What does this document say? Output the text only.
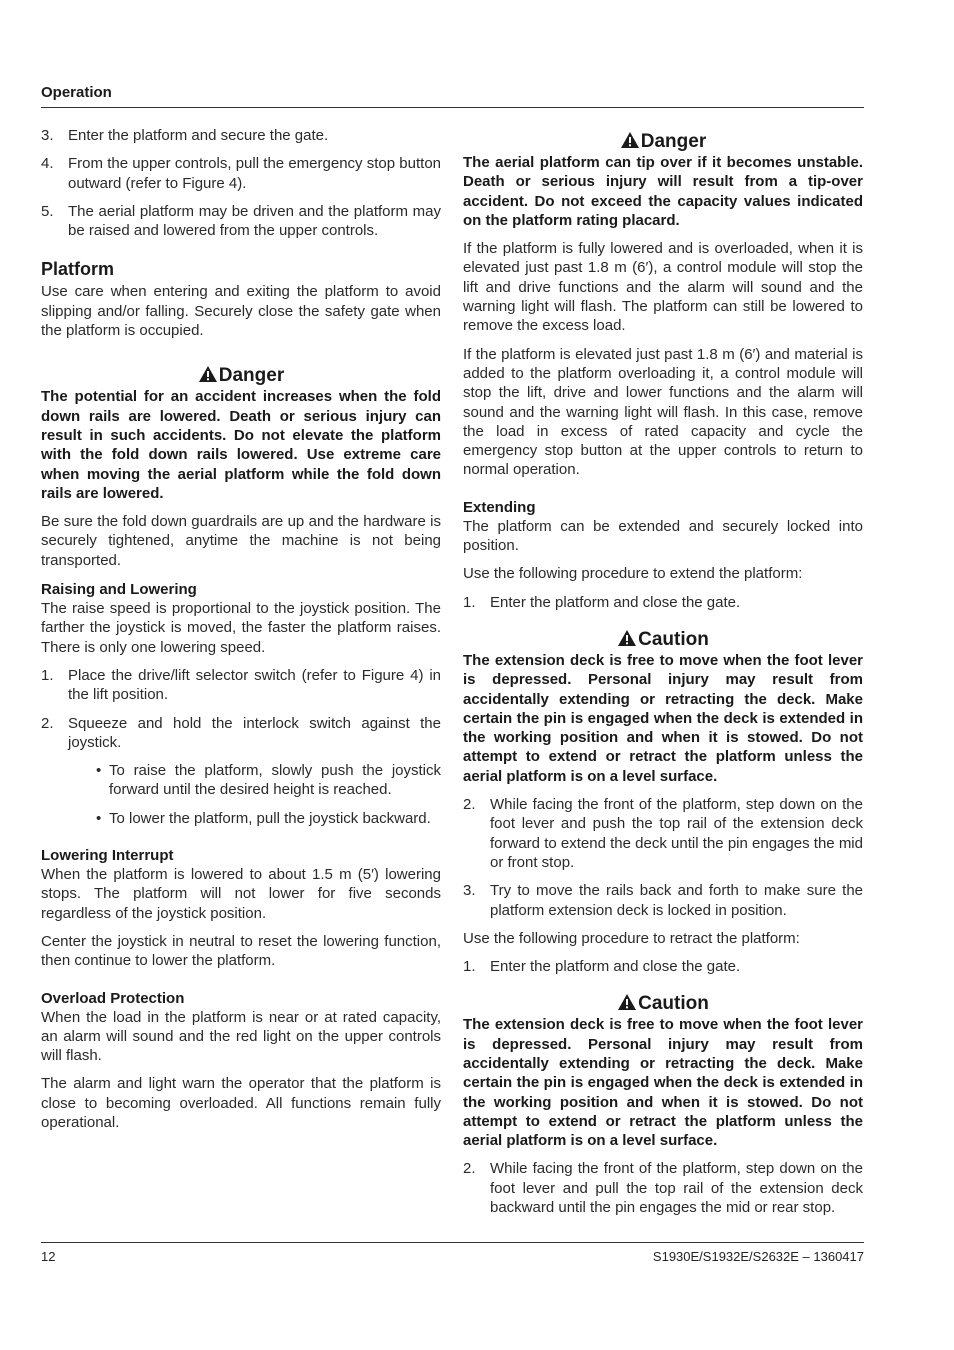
Operation
3. Enter the platform and secure the gate.
4. From the upper controls, pull the emergency stop button outward (refer to Figure 4).
5. The aerial platform may be driven and the platform may be raised and lowered from the upper controls.
Platform

Use care when entering and exiting the platform to avoid slipping and/or falling. Securely close the safety gate when the platform is occupied.

Danger

The potential for an accident increases when the fold down rails are lowered. Death or serious injury can result in such accidents. Do not elevate the platform with the fold down rails lowered. Use extreme care when moving the aerial platform while the fold down rails are lowered.

Be sure the fold down guardrails are up and the hardware is securely tightened, anytime the machine is not being transported.

Raising and Lowering

The raise speed is proportional to the joystick position. The farther the joystick is moved, the faster the platform raises. There is only one lowering speed.

1. Place the drive/lift selector switch (refer to Figure 4) in the lift position.
2. Squeeze and hold the interlock switch against the joystick.
• To raise the platform, slowly push the joystick forward until the desired height is reached.
• To lower the platform, pull the joystick backward.
Lowering Interrupt

When the platform is lowered to about 1.5 m (5′) lowering stops. The platform will not lower for five seconds regardless of the joystick position.

Center the joystick in neutral to reset the lowering function, then continue to lower the platform.

Overload Protection

When the load in the platform is near or at rated capacity, an alarm will sound and the red light on the upper controls will flash.

The alarm and light warn the operator that the platform is close to becoming overloaded. All functions remain fully operational.

Danger

The aerial platform can tip over if it becomes unstable. Death or serious injury will result from a tip-over accident. Do not exceed the capacity values indicated on the platform rating placard.

If the platform is fully lowered and is overloaded, when it is elevated just past 1.8 m (6′), a control module will stop the lift and drive functions and the alarm will sound and the warning light will flash. The platform can still be lowered to remove the excess load.

If the platform is elevated just past 1.8 m (6′) and material is added to the platform overloading it, a control module will stop the lift, drive and lower functions and the alarm will sound and the warning light will flash. In this case, remove the load in excess of rated capacity and cycle the emergency stop button at the upper controls to return to normal operation.

Extending

The platform can be extended and securely locked into position.

Use the following procedure to extend the platform:

1. Enter the platform and close the gate.
Caution

The extension deck is free to move when the foot lever is depressed. Personal injury may result from accidentally extending or retracting the deck. Make certain the pin is engaged when the deck is extended in the working position and when it is stowed. Do not attempt to extend or retract the platform unless the aerial platform is on a level surface.

2. While facing the front of the platform, step down on the foot lever and push the top rail of the extension deck forward to extend the deck until the pin engages the mid or front stop.
3. Try to move the rails back and forth to make sure the platform extension deck is locked in position.

Use the following procedure to retract the platform:

1. Enter the platform and close the gate.
Caution

The extension deck is free to move when the foot lever is depressed. Personal injury may result from accidentally extending or retracting the deck. Make certain the pin is engaged when the deck is extended in the working position and when it is stowed. Do not attempt to extend or retract the platform unless the aerial platform is on a level surface.

2. While facing the front of the platform, step down on the foot lever and pull the top rail of the extension deck backward until the pin engages the mid or rear stop.
12	S1930E/S1932E/S2632E – 1360417
